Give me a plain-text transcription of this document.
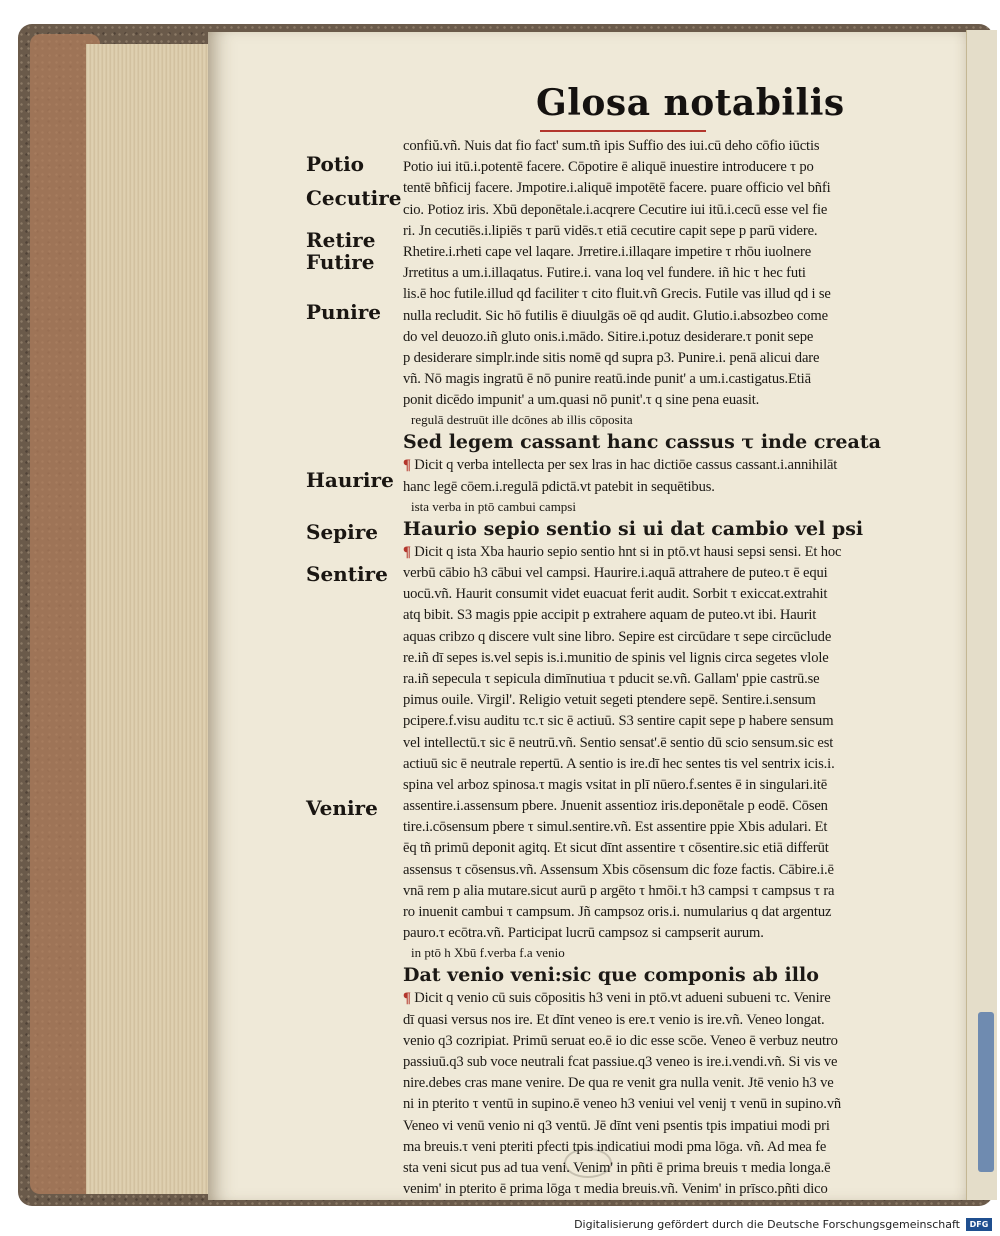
Glosa notabilis
Potio
Cecutire
Retire
Futire
Punire
Haurire
Sepire
Sentire
Venire
confiŭ.vñ. Nuis dat fio fact' sum.tñ ipis Suffio des iui.cū deho cōfio iūctis
Potio iui itū.i.potentē facere. Cōpotire ē aliquē inuestire introducere τ po
tentē bñficij facere. Jmpotire.i.aliquē impotētē facere. puare officio vel bñfi
cio. Potioz iris. Xbū deponētale.i.acqrere Cecutire iui itū.i.cecū esse vel fie
ri. Jn cecutiēs.i.lipiēs τ parū vidēs.τ etiā cecutire capit sepe p parū videre.
Rhetire.i.rheti cape vel laqare. Jrretire.i.illaqare impetire τ rhōu iuolnere
Jrretitus a um.i.illaqatus. Futire.i. vana loq vel fundere. iñ hic τ hec futi
lis.ē hoc futile.illud qd faciliter τ cito fluit.vñ Grecis. Futile vas illud qd i se
nulla recludit. Sic hō futilis ē diuulgās oē qd audit. Glutio.i.absozbeo come
do vel deuozo.iñ gluto onis.i.mādo. Sitire.i.potuz desiderare.τ ponit sepe
p desiderare simplr.inde sitis nomē qd supra p3. Punire.i. penā alicui dare
vñ. Nō magis ingratū ē nō punire reatū.inde punit' a um.i.castigatus.Etiā
ponit dicēdo impunit' a um.quasi nō punit'.τ q sine pena euasit.
regulā destruūt ille dcōnes ab illis cōposita
Sed legem cassant hanc cassus τ inde creata
¶ Dicit q verba intellecta per sex lras in hac dictiōe cassus cassant.i.annihilāt
hanc legē cōem.i.regulā pdictā.vt patebit in sequētibus.
ista verba in ptō cambui campsi
Haurio sepio sentio si ui dat cambio vel psi
¶ Dicit q ista Xba haurio sepio sentio hnt si in ptō.vt hausi sepsi sensi. Et hoc
verbū cābio h3 cābui vel campsi. Haurire.i.aquā attrahere de puteo.τ ē equi
uocū.vñ. Haurit consumit videt euacuat ferit audit. Sorbit τ exiccat.extrahit
atq bibit. S3 magis ppie accipit p extrahere aquam de puteo.vt ibi. Haurit
aquas cribzo q discere vult sine libro. Sepire est circūdare τ sepe circūclude
re.iñ dī sepes is.vel sepis is.i.munitio de spinis vel lignis circa segetes vlole
ra.iñ sepecula τ sepicula dimīnutiua τ pducit se.vñ. Gallam' ppie castrū.se
pimus ouile. Virgil'. Religio vetuit segeti ptendere sepē. Sentire.i.sensum
pcipere.f.visu auditu τc.τ sic ē actiuū. S3 sentire capit sepe p habere sensum
vel intellectū.τ sic ē neutrū.vñ. Sentio sensat'.ē sentio dū scio sensum.sic est
actiuū sic ē neutrale repertū. A sentio is ire.dī hec sentes tis vel sentrix icis.i.
spina vel arboz spinosa.τ magis vsitat in plī nūero.f.sentes ē in singulari.itē
assentire.i.assensum pbere. Jnuenit assentioz iris.deponētale p eodē. Cōsen
tire.i.cōsensum pbere τ simul.sentire.vñ. Est assentire ppie Xbis adulari. Et
ēq tñ primū deponit agitq. Et sicut dīnt assentire τ cōsentire.sic etiā differūt
assensus τ cōsensus.vñ. Assensum Xbis cōsensum dic foze factis. Cābire.i.ē
vnā rem p alia mutare.sicut aurū p argēto τ hmōi.τ h3 campsi τ campsus τ ra
ro inuenit cambui τ campsum. Jñ campsoz oris.i. numularius q dat argentuz
pauro.τ ecōtra.vñ. Participat lucrū campsoz si campserit aurum.
in ptō h Xbū f.verba f.a venio
Dat venio veni:sic que componis ab illo
¶ Dicit q venio cū suis cōpositis h3 veni in ptō.vt adueni subueni τc. Venire
dī quasi versus nos ire. Et dīnt veneo is ere.τ venio is ire.vñ. Veneo longat.
venio q3 cozripiat. Primū seruat eo.ē io dic esse scōe. Veneo ē verbuz neutro
passiuū.q3 sub voce neutrali fcat passiue.q3 veneo is ire.i.vendi.vñ. Si vis ve
nire.debes cras mane venire. De qua re venit gra nulla venit. Jtē venio h3 ve
ni in pterito τ ventū in supino.ē veneo h3 veniui vel venij τ venū in supino.vñ
Veneo vi venū venio ni q3 ventū. Jē dīnt veni psentis tpis impatiui modi pri
ma breuis.τ veni pteriti pfecti tpis indicatiui modi pma lōga. vñ. Ad mea fe
sta veni sicut pus ad tua veni. Venim' in pñti ē prima breuis τ media longa.ē
venim' in pterito ē prima lōga τ media breuis.vñ. Venim' in prīsco.pñti dico
Digitalisierung gefördert durch die Deutsche Forschungsgemeinschaft	DFG
